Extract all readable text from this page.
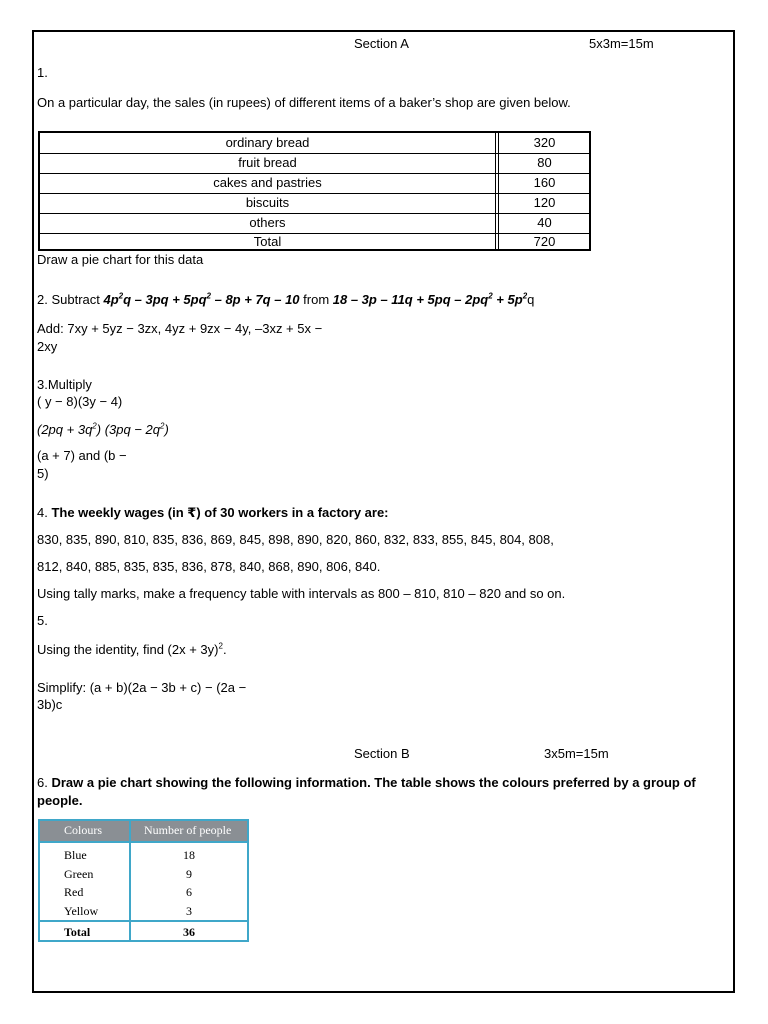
Section A	5x3m=15m
1.
On a particular day, the sales (in rupees) of different items of a baker’s shop are given below.
ordinary bread	320
fruit bread	80
cakes and pastries	160
biscuits	120
others	40
Total	720
Draw a pie chart for this data
2. Subtract $4p^2q - 3pq + 5pq^2 - 8p + 7q - 10$ from $18 - 3p - 11q + 5pq - 2pq^2 + 5p^2q$
Add: 7xy + 5yz − 3zx, 4yz + 9zx − 4y, –3xz + 5x −
2xy
3.Multiply
( y − 8)(3y − 4)
$(2pq + 3q^2)$ $(3pq - 2q^2)$
(a + 7) and (b −
5)
4. The weekly wages (in ₹) of 30 workers in a factory are:
830, 835, 890, 810, 835, 836, 869, 845, 898, 890, 820, 860, 832, 833, 855, 845, 804, 808,
812, 840, 885, 835, 835, 836, 878, 840, 868, 890, 806, 840.
Using tally marks, make a frequency table with intervals as 800 – 810, 810 – 820 and so on.
5.
Using the identity, find $(2x + 3y)^2$.
Simplify: (a + b)(2a − 3b + c) − (2a −
3b)c
Section B	3x5m=15m
6. Draw a pie chart showing the following information. The table shows the colours preferred by a group of people.
Colours	Number of people
Blue	18
Green	9
Red	6
Yellow	3
Total	36
